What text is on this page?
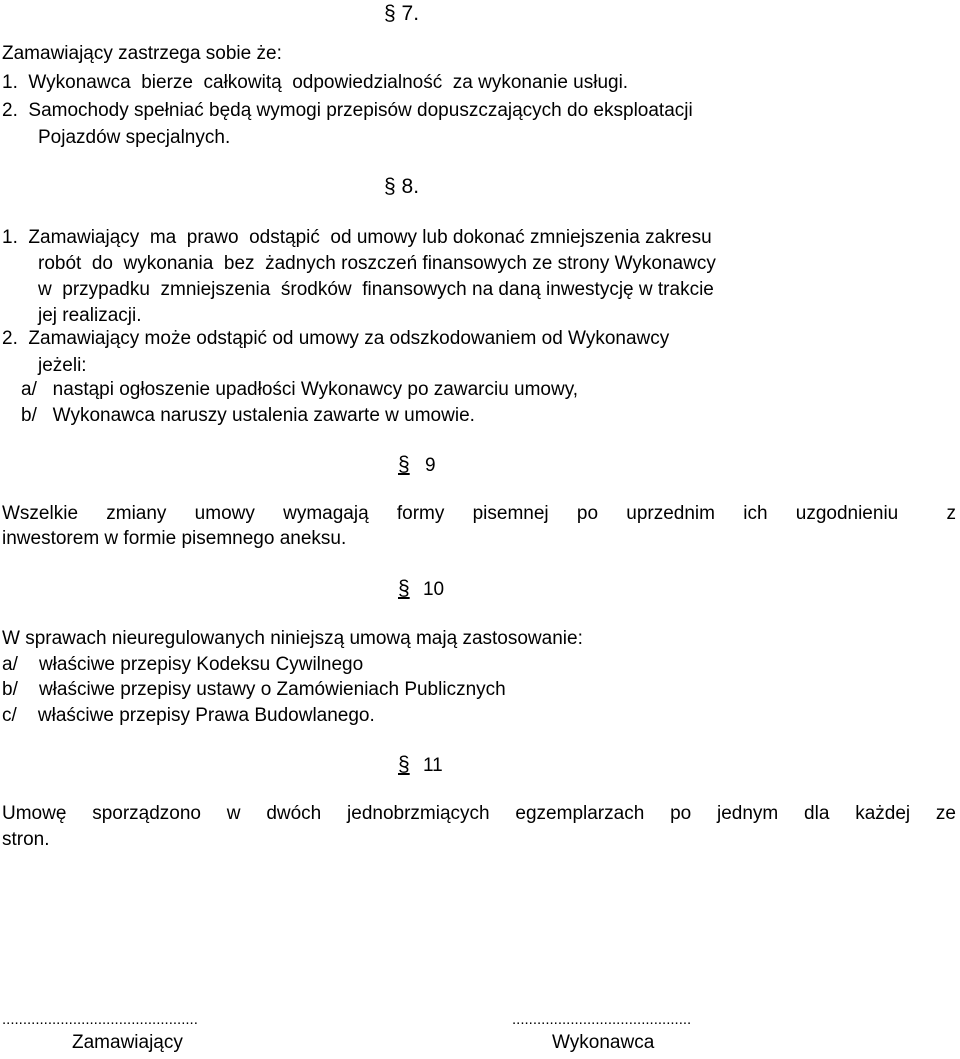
§ 7.
Zamawiający zastrzega sobie że:
1.  Wykonawca  bierze  całkowitą  odpowiedzialność  za wykonanie usługi.
2.  Samochody spełniać będą wymogi przepisów dopuszczających do eksploatacji
Pojazdów specjalnych.
§ 8.
1.  Zamawiający  ma  prawo  odstąpić  od umowy lub dokonać zmniejszenia zakresu
robót  do  wykonania  bez  żadnych roszczeń finansowych ze strony Wykonawcy
w  przypadku  zmniejszenia  środków  finansowych na daną inwestycję w trakcie
jej realizacji.
2.  Zamawiający może odstąpić od umowy za odszkodowaniem od Wykonawcy
jeżeli:
a/   nastąpi ogłoszenie upadłości Wykonawcy po zawarciu umowy,
b/   Wykonawca naruszy ustalenia zawarte w umowie.
§ 9
Wszelkie zmiany umowy wymagają formy pisemnej po uprzednim ich uzgodnieniu	z
inwestorem w formie pisemnego aneksu.
§ 10
W sprawach nieuregulowanych niniejszą umową mają zastosowanie:
a/    właściwe przepisy Kodeksu Cywilnego
b/    właściwe przepisy ustawy o Zamówieniach Publicznych
c/    właściwe przepisy Prawa Budowlanego.
§ 11
Umowę sporządzono w dwóch jednobrzmiących egzemplarzach po jednym dla każdej ze
stron.
...............................................	...........................................
Zamawiający	Wykonawca
